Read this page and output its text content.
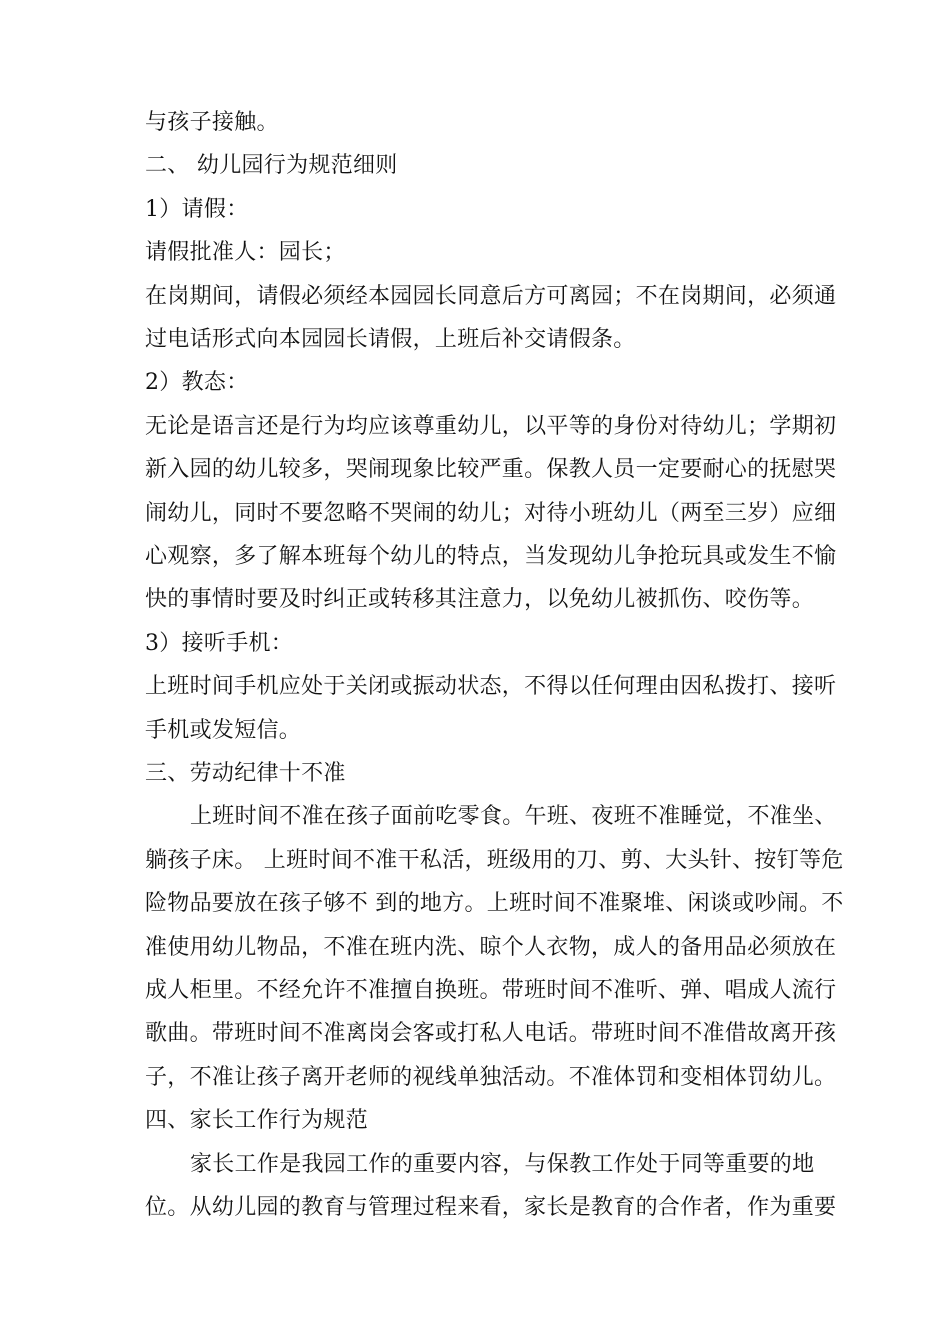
与孩子接触。
二、 幼儿园行为规范细则
1）请假：
请假批准人：园长；
在岗期间，请假必须经本园园长同意后方可离园；不在岗期间，必须通
过电话形式向本园园长请假，上班后补交请假条。
2）教态：
无论是语言还是行为均应该尊重幼儿，以平等的身份对待幼儿；学期初
新入园的幼儿较多，哭闹现象比较严重。保教人员一定要耐心的抚慰哭
闹幼儿，同时不要忽略不哭闹的幼儿；对待小班幼儿（两至三岁）应细
心观察，多了解本班每个幼儿的特点，当发现幼儿争抢玩具或发生不愉
快的事情时要及时纠正或转移其注意力，以免幼儿被抓伤、咬伤等。
3）接听手机：
上班时间手机应处于关闭或振动状态，不得以任何理由因私拨打、接听
手机或发短信。
三、劳动纪律十不准
上班时间不准在孩子面前吃零食。午班、夜班不准睡觉，不准坐、
躺孩子床。 上班时间不准干私活，班级用的刀、剪、大头针、按钉等危
险物品要放在孩子够不 到的地方。上班时间不准聚堆、闲谈或吵闹。不
准使用幼儿物品，不准在班内洗、晾个人衣物，成人的备用品必须放在
成人柜里。不经允许不准擅自换班。带班时间不准听、弹、唱成人流行
歌曲。带班时间不准离岗会客或打私人电话。带班时间不准借故离开孩
子，不准让孩子离开老师的视线单独活动。不准体罚和变相体罚幼儿。
四、家长工作行为规范
家长工作是我园工作的重要内容，与保教工作处于同等重要的地
位。从幼儿园的教育与管理过程来看，家长是教育的合作者，作为重要
